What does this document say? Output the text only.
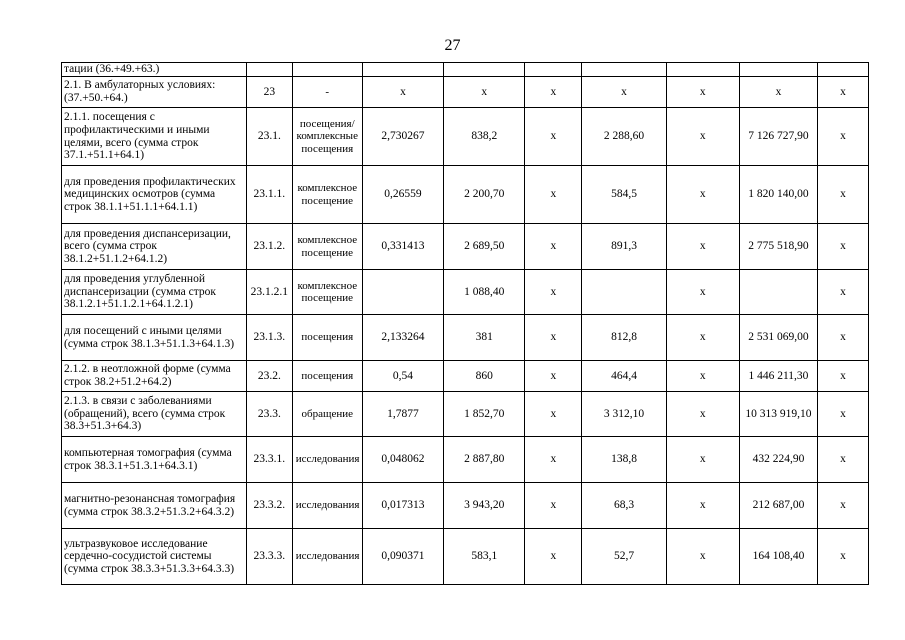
27
тации (36.+49.+63.)									
2.1. В амбулаторных условиях: (37.+50.+64.)	23	-	х	х	х	х	х	х	х
2.1.1. посещения с профилактическими и иными целями, всего (сумма строк 37.1.+51.1+64.1)	23.1.	посещения/комплексные посещения	2,730267	838,2	х	2 288,60	х	7 126 727,90	х
для проведения профилактических медицинских осмотров (сумма строк 38.1.1+51.1.1+64.1.1)	23.1.1.	комплексное посещение	0,26559	2 200,70	х	584,5	х	1 820 140,00	х
для проведения диспансеризации, всего (сумма строк 38.1.2+51.1.2+64.1.2)	23.1.2.	комплексное посещение	0,331413	2 689,50	х	891,3	х	2 775 518,90	х
для проведения углубленной диспансеризации (сумма строк 38.1.2.1+51.1.2.1+64.1.2.1)	23.1.2.1	комплексное посещение		1 088,40	х		х		х
для посещений с иными целями (сумма строк 38.1.3+51.1.3+64.1.3)	23.1.3.	посещения	2,133264	381	х	812,8	х	2 531 069,00	х
2.1.2. в неотложной форме (сумма строк 38.2+51.2+64.2)	23.2.	посещения	0,54	860	х	464,4	х	1 446 211,30	х
2.1.3. в связи с заболеваниями (обращений), всего (сумма строк 38.3+51.3+64.3)	23.3.	обращение	1,7877	1 852,70	х	3 312,10	х	10 313 919,10	х
компьютерная томография (сумма строк 38.3.1+51.3.1+64.3.1)	23.3.1.	исследования	0,048062	2 887,80	х	138,8	х	432 224,90	х
магнитно-резонансная томография (сумма строк 38.3.2+51.3.2+64.3.2)	23.3.2.	исследования	0,017313	3 943,20	х	68,3	х	212 687,00	х
ультразвуковое исследование сердечно-сосудистой системы (сумма строк 38.3.3+51.3.3+64.3.3)	23.3.3.	исследования	0,090371	583,1	х	52,7	х	164 108,40	х
